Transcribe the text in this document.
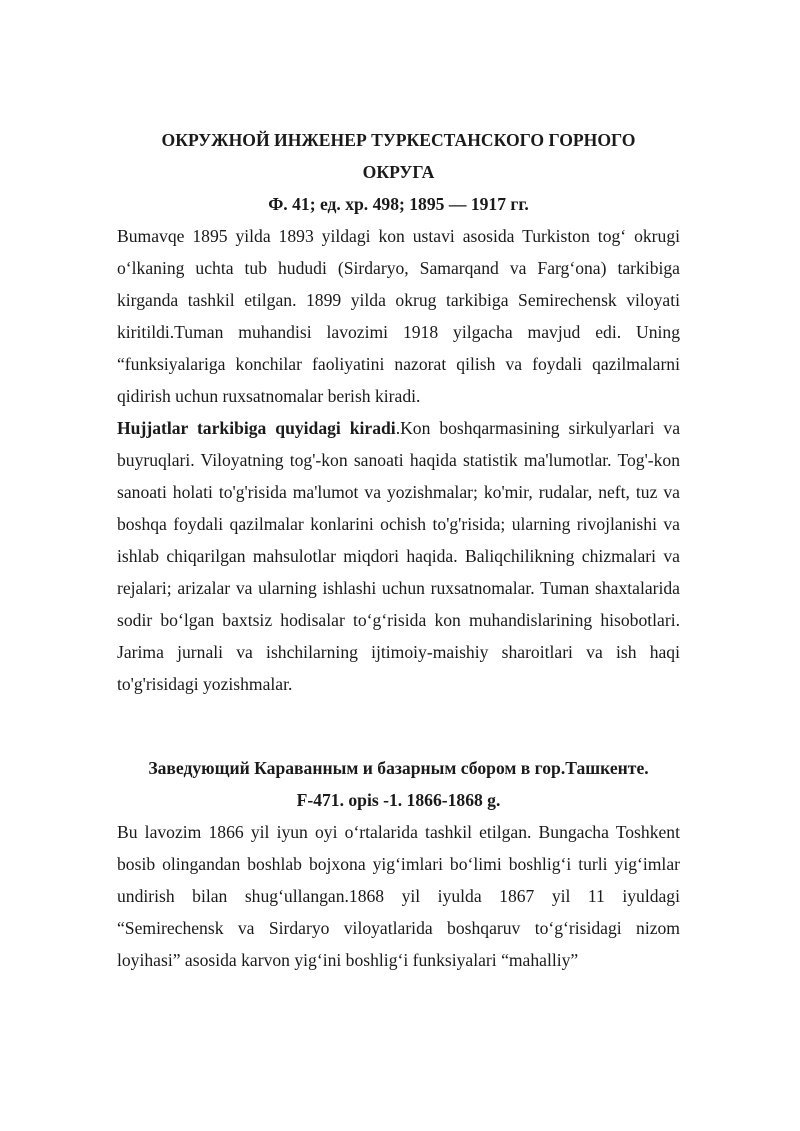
ОКРУЖНОЙ ИНЖЕНЕР ТУРКЕСТАНСКОГО ГОРНОГО
ОКРУГА

Ф. 41; ед. хр. 498; 1895 — 1917 гг.

Bumavqe 1895 yilda 1893 yildagi kon ustavi asosida Turkiston tog‘ okrugi o‘lkaning uchta tub hududi (Sirdaryo, Samarqand va Farg‘ona) tarkibiga kirganda tashkil etilgan. 1899 yilda okrug tarkibiga Semirechensk viloyati kiritildi.Tuman muhandisi lavozimi 1918 yilgacha mavjud edi. Uning “funksiyalariga konchilar faoliyatini nazorat qilish va foydali qazilmalarni qidirish uchun ruxsatnomalar berish kiradi.

Hujjatlar tarkibiga quyidagi kiradi.Kon boshqarmasining sirkulyarlari va buyruqlari. Viloyatning tog'-kon sanoati haqida statistik ma'lumotlar. Tog'-kon sanoati holati to'g'risida ma'lumot va yozishmalar; ko'mir, rudalar, neft, tuz va boshqa foydali qazilmalar konlarini ochish to'g'risida; ularning rivojlanishi va ishlab chiqarilgan mahsulotlar miqdori haqida. Baliqchilikning chizmalari va rejalari; arizalar va ularning ishlashi uchun ruxsatnomalar. Tuman shaxtalarida sodir bo‘lgan baxtsiz hodisalar to‘g‘risida kon muhandislarining hisobotlari. Jarima jurnali va ishchilarning ijtimoiy-maishiy sharoitlari va ish haqi to'g'risidagi yozishmalar.

Заведующий Караванным и базарным сбором в гор.Ташкенте.

F-471. opis -1. 1866-1868 g.

Bu lavozim 1866 yil iyun oyi o‘rtalarida tashkil etilgan. Bungacha Toshkent bosib olingandan boshlab bojxona yig‘imlari bo‘limi boshlig‘i turli yig‘imlar undirish bilan shug‘ullangan.1868 yil iyulda 1867 yil 11 iyuldagi “Semirechensk va Sirdaryo viloyatlarida boshqaruv to‘g‘risidagi nizom loyihasi” asosida karvon yig‘ini boshlig‘i funksiyalari “mahalliy”
